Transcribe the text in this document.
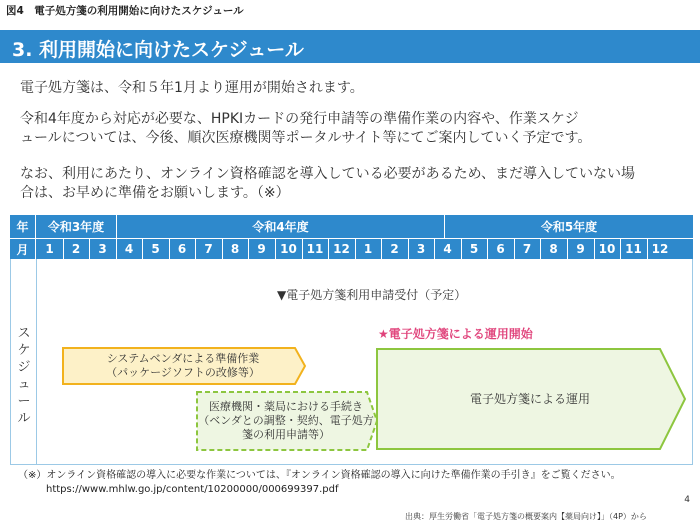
図4　電子処方箋の利用開始に向けたスケジュール
3. 利用開始に向けたスケジュール
電子処方箋は、令和５年1月より運用が開始されます。
令和4年度から対応が必要な、HPKIカードの発行申請等の準備作業の内容や、作業スケジ
ュールについては、今後、順次医療機関等ポータルサイト等にてご案内していく予定です。
なお、利用にあたり、オンライン資格確認を導入している必要があるため、まだ導入していない場
合は、お早めに準備をお願いします。（※）
年	令和3年度	令和4年度	令和5年度
月	1	2	3	4	5	6	7	8	9	10 11 12	1	2	3	4	5	6	7	8	9	10 11 12
スケジュール
▼電子処方箋利用申請受付（予定）
★電子処方箋による運用開始
システムベンダによる準備作業
（パッケージソフトの改修等）
医療機関・薬局における手続き
（ベンダとの調整・契約、電子処方
箋の利用申請等）
電子処方箋による運用
（※）オンライン資格確認の導入に必要な作業については、『オンライン資格確認の導入に向けた準備作業の手引き』をご覧ください。
https://www.mhlw.go.jp/content/10200000/000699397.pdf
4
出典：厚生労働省「電子処方箋の概要案内【薬局向け】」（4P）から
